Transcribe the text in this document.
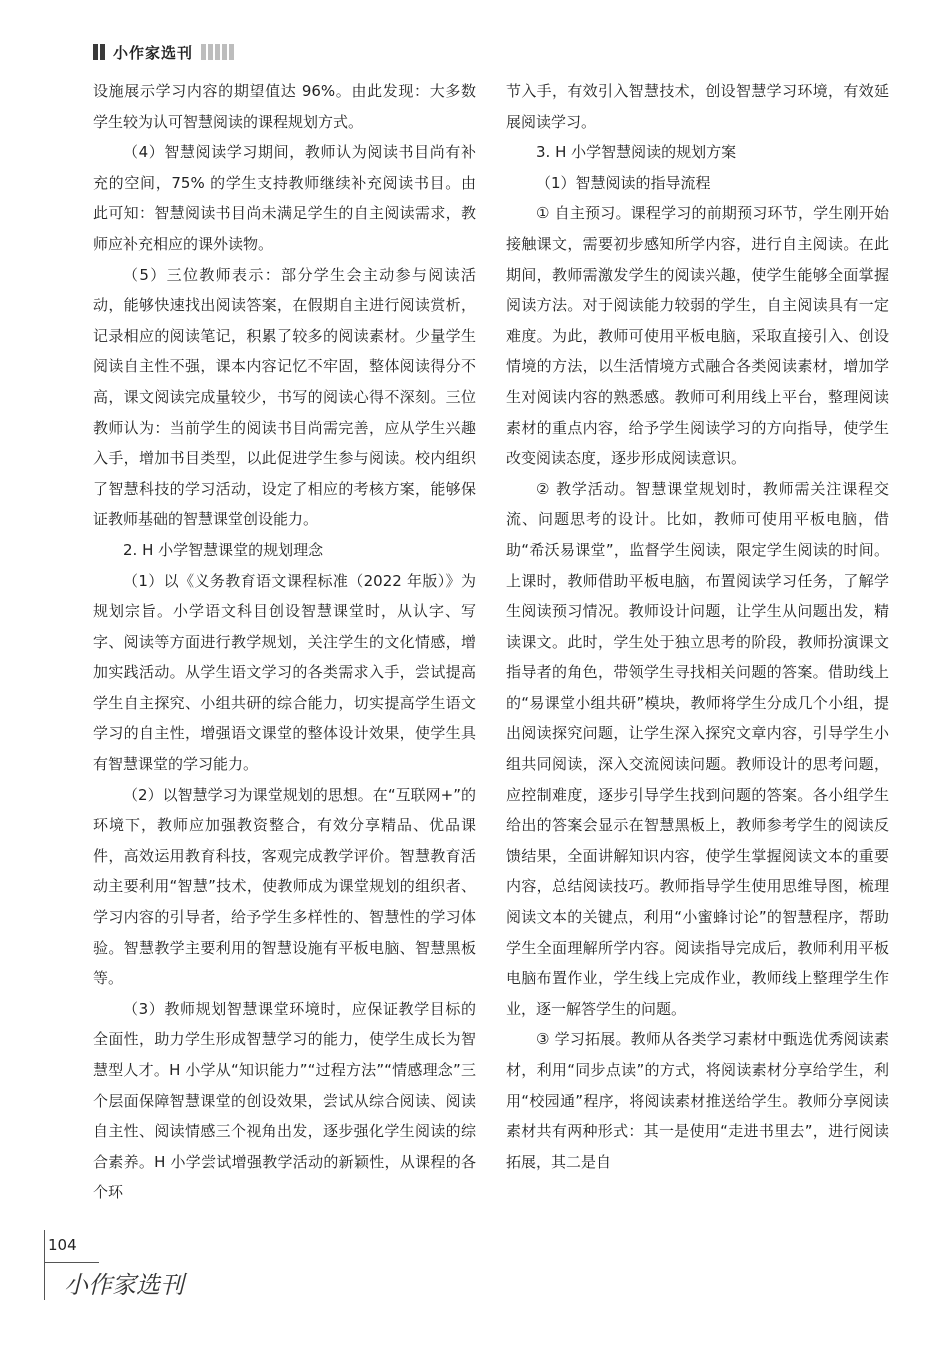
小作家选刊

设施展示学习内容的期望值达 96%。由此发现：大多数学生较为认可智慧阅读的课程规划方式。

（4）智慧阅读学习期间，教师认为阅读书目尚有补充的空间，75% 的学生支持教师继续补充阅读书目。由此可知：智慧阅读书目尚未满足学生的自主阅读需求，教师应补充相应的课外读物。

（5）三位教师表示：部分学生会主动参与阅读活动，能够快速找出阅读答案，在假期自主进行阅读赏析，记录相应的阅读笔记，积累了较多的阅读素材。少量学生阅读自主性不强，课本内容记忆不牢固，整体阅读得分不高，课文阅读完成量较少，书写的阅读心得不深刻。三位教师认为：当前学生的阅读书目尚需完善，应从学生兴趣入手，增加书目类型，以此促进学生参与阅读。校内组织了智慧科技的学习活动，设定了相应的考核方案，能够保证教师基础的智慧课堂创设能力。

2. H 小学智慧课堂的规划理念

（1）以《义务教育语文课程标准（2022 年版）》为规划宗旨。小学语文科目创设智慧课堂时，从认字、写字、阅读等方面进行教学规划，关注学生的文化情感，增加实践活动。从学生语文学习的各类需求入手，尝试提高学生自主探究、小组共研的综合能力，切实提高学生语文学习的自主性，增强语文课堂的整体设计效果，使学生具有智慧课堂的学习能力。

（2）以智慧学习为课堂规划的思想。在“互联网+”的环境下，教师应加强教资整合，有效分享精品、优品课件，高效运用教育科技，客观完成教学评价。智慧教育活动主要利用“智慧”技术，使教师成为课堂规划的组织者、学习内容的引导者，给予学生多样性的、智慧性的学习体验。智慧教学主要利用的智慧设施有平板电脑、智慧黑板等。

（3）教师规划智慧课堂环境时，应保证教学目标的全面性，助力学生形成智慧学习的能力，使学生成长为智慧型人才。H 小学从“知识能力”“过程方法”“情感理念”三个层面保障智慧课堂的创设效果，尝试从综合阅读、阅读自主性、阅读情感三个视角出发，逐步强化学生阅读的综合素养。H 小学尝试增强教学活动的新颖性，从课程的各个环

节入手，有效引入智慧技术，创设智慧学习环境，有效延展阅读学习。

3. H 小学智慧阅读的规划方案

（1）智慧阅读的指导流程

① 自主预习。课程学习的前期预习环节，学生刚开始接触课文，需要初步感知所学内容，进行自主阅读。在此期间，教师需激发学生的阅读兴趣，使学生能够全面掌握阅读方法。对于阅读能力较弱的学生，自主阅读具有一定难度。为此，教师可使用平板电脑，采取直接引入、创设情境的方法，以生活情境方式融合各类阅读素材，增加学生对阅读内容的熟悉感。教师可利用线上平台，整理阅读素材的重点内容，给予学生阅读学习的方向指导，使学生改变阅读态度，逐步形成阅读意识。

② 教学活动。智慧课堂规划时，教师需关注课程交流、问题思考的设计。比如，教师可使用平板电脑，借助“希沃易课堂”，监督学生阅读，限定学生阅读的时间。上课时，教师借助平板电脑，布置阅读学习任务，了解学生阅读预习情况。教师设计问题，让学生从问题出发，精读课文。此时，学生处于独立思考的阶段，教师扮演课文指导者的角色，带领学生寻找相关问题的答案。借助线上的“易课堂小组共研”模块，教师将学生分成几个小组，提出阅读探究问题，让学生深入探究文章内容，引导学生小组共同阅读，深入交流阅读问题。教师设计的思考问题，应控制难度，逐步引导学生找到问题的答案。各小组学生给出的答案会显示在智慧黑板上，教师参考学生的阅读反馈结果，全面讲解知识内容，使学生掌握阅读文本的重要内容，总结阅读技巧。教师指导学生使用思维导图，梳理阅读文本的关键点，利用“小蜜蜂讨论”的智慧程序，帮助学生全面理解所学内容。阅读指导完成后，教师利用平板电脑布置作业，学生线上完成作业，教师线上整理学生作业，逐一解答学生的问题。

③ 学习拓展。教师从各类学习素材中甄选优秀阅读素材，利用“同步点读”的方式，将阅读素材分享给学生，利用“校园通”程序，将阅读素材推送给学生。教师分享阅读素材共有两种形式：其一是使用“走进书里去”，进行阅读拓展，其二是自

104
小作家选刊
